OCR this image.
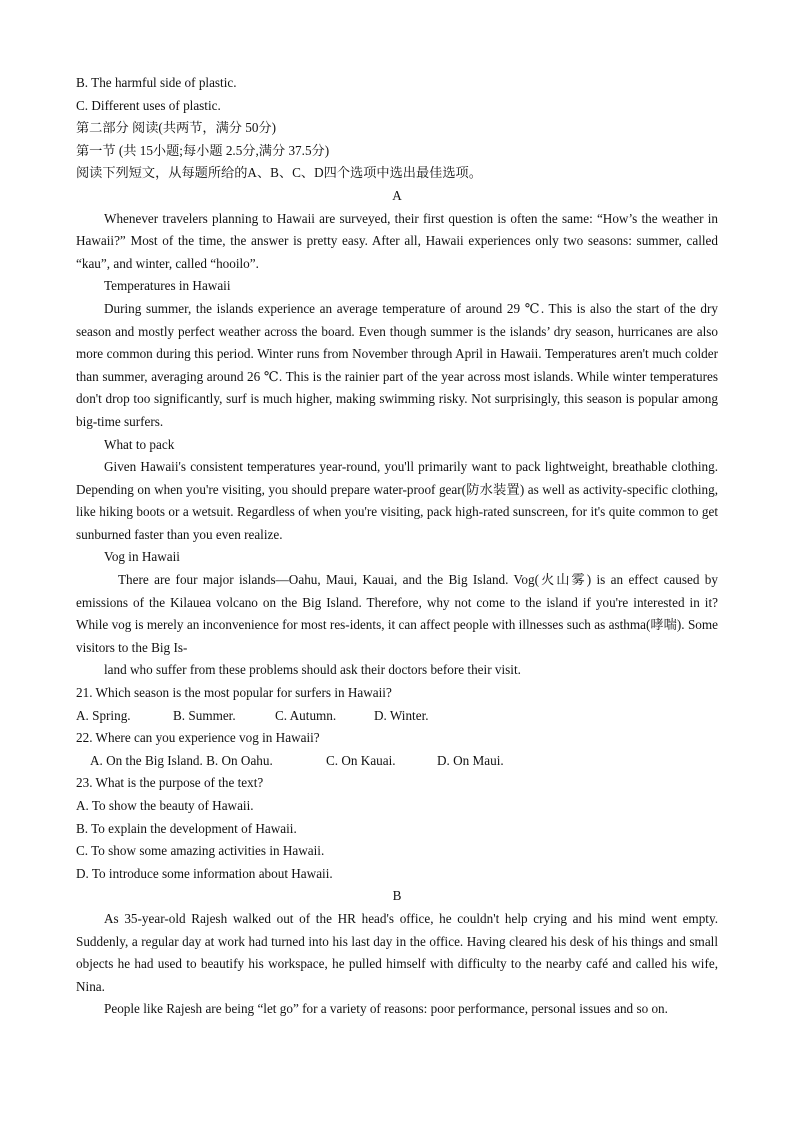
B. The harmful side of plastic.

C. Different uses of plastic.

第二部分 阅读(共两节，满分 50分)

第一节 (共 15小题;每小题 2.5分,满分 37.5分)

阅读下列短文，从每题所给的A、B、C、D四个选项中选出最佳选项。

A

Whenever travelers planning to Hawaii are surveyed, their first question is often the same: “How’s the weather in Hawaii?” Most of the time, the answer is pretty easy. After all, Hawaii experiences only two seasons: summer, called “kau”, and winter, called “hooilo”.

Temperatures in Hawaii

During summer, the islands experience an average temperature of around 29 ℃. This is also the start of the dry season and mostly perfect weather across the board. Even though summer is the islands’ dry season, hurricanes are also more common during this period. Winter runs from November through April in Hawaii. Temperatures aren't much colder than summer, averaging around 26 ℃. This is the rainier part of the year across most islands. While winter temperatures don't drop too significantly, surf is much higher, making swimming risky. Not surprisingly, this season is popular among big-time surfers.

What to pack

Given Hawaii's consistent temperatures year-round, you'll primarily want to pack lightweight, breathable clothing. Depending on when you're visiting, you should prepare water-proof gear(防水装置) as well as activity-specific clothing, like hiking boots or a wetsuit. Regardless of when you're visiting, pack high-rated sunscreen, for it's quite common to get sunburned faster than you even realize.

Vog in Hawaii

There are four major islands—Oahu, Maui, Kauai, and the Big Island. Vog(火山雾) is an effect caused by emissions of the Kilauea volcano on the Big Island. Therefore, why not come to the island if you're interested in it? While vog is merely an inconvenience for most res-idents, it can affect people with illnesses such as asthma(哮喘). Some visitors to the Big Is-

land who suffer from these problems should ask their doctors before their visit.

21. Which season is the most popular for surfers in Hawaii?

A. Spring.	B. Summer.	C. Autumn.	D. Winter.

22. Where can you experience vog in Hawaii?

A. On the Big Island. B. On Oahu.	C. On Kauai.	D. On Maui.

23. What is the purpose of the text?

A. To show the beauty of Hawaii.

B. To explain the development of Hawaii.

C. To show some amazing activities in Hawaii.

D. To introduce some information about Hawaii.

B

As 35-year-old Rajesh walked out of the HR head's office, he couldn't help crying and his mind went empty. Suddenly, a regular day at work had turned into his last day in the office. Having cleared his desk of his things and small objects he had used to beautify his workspace, he pulled himself with difficulty to the nearby café and called his wife, Nina.

People like Rajesh are being “let go” for a variety of reasons: poor performance, personal issues and so on.
